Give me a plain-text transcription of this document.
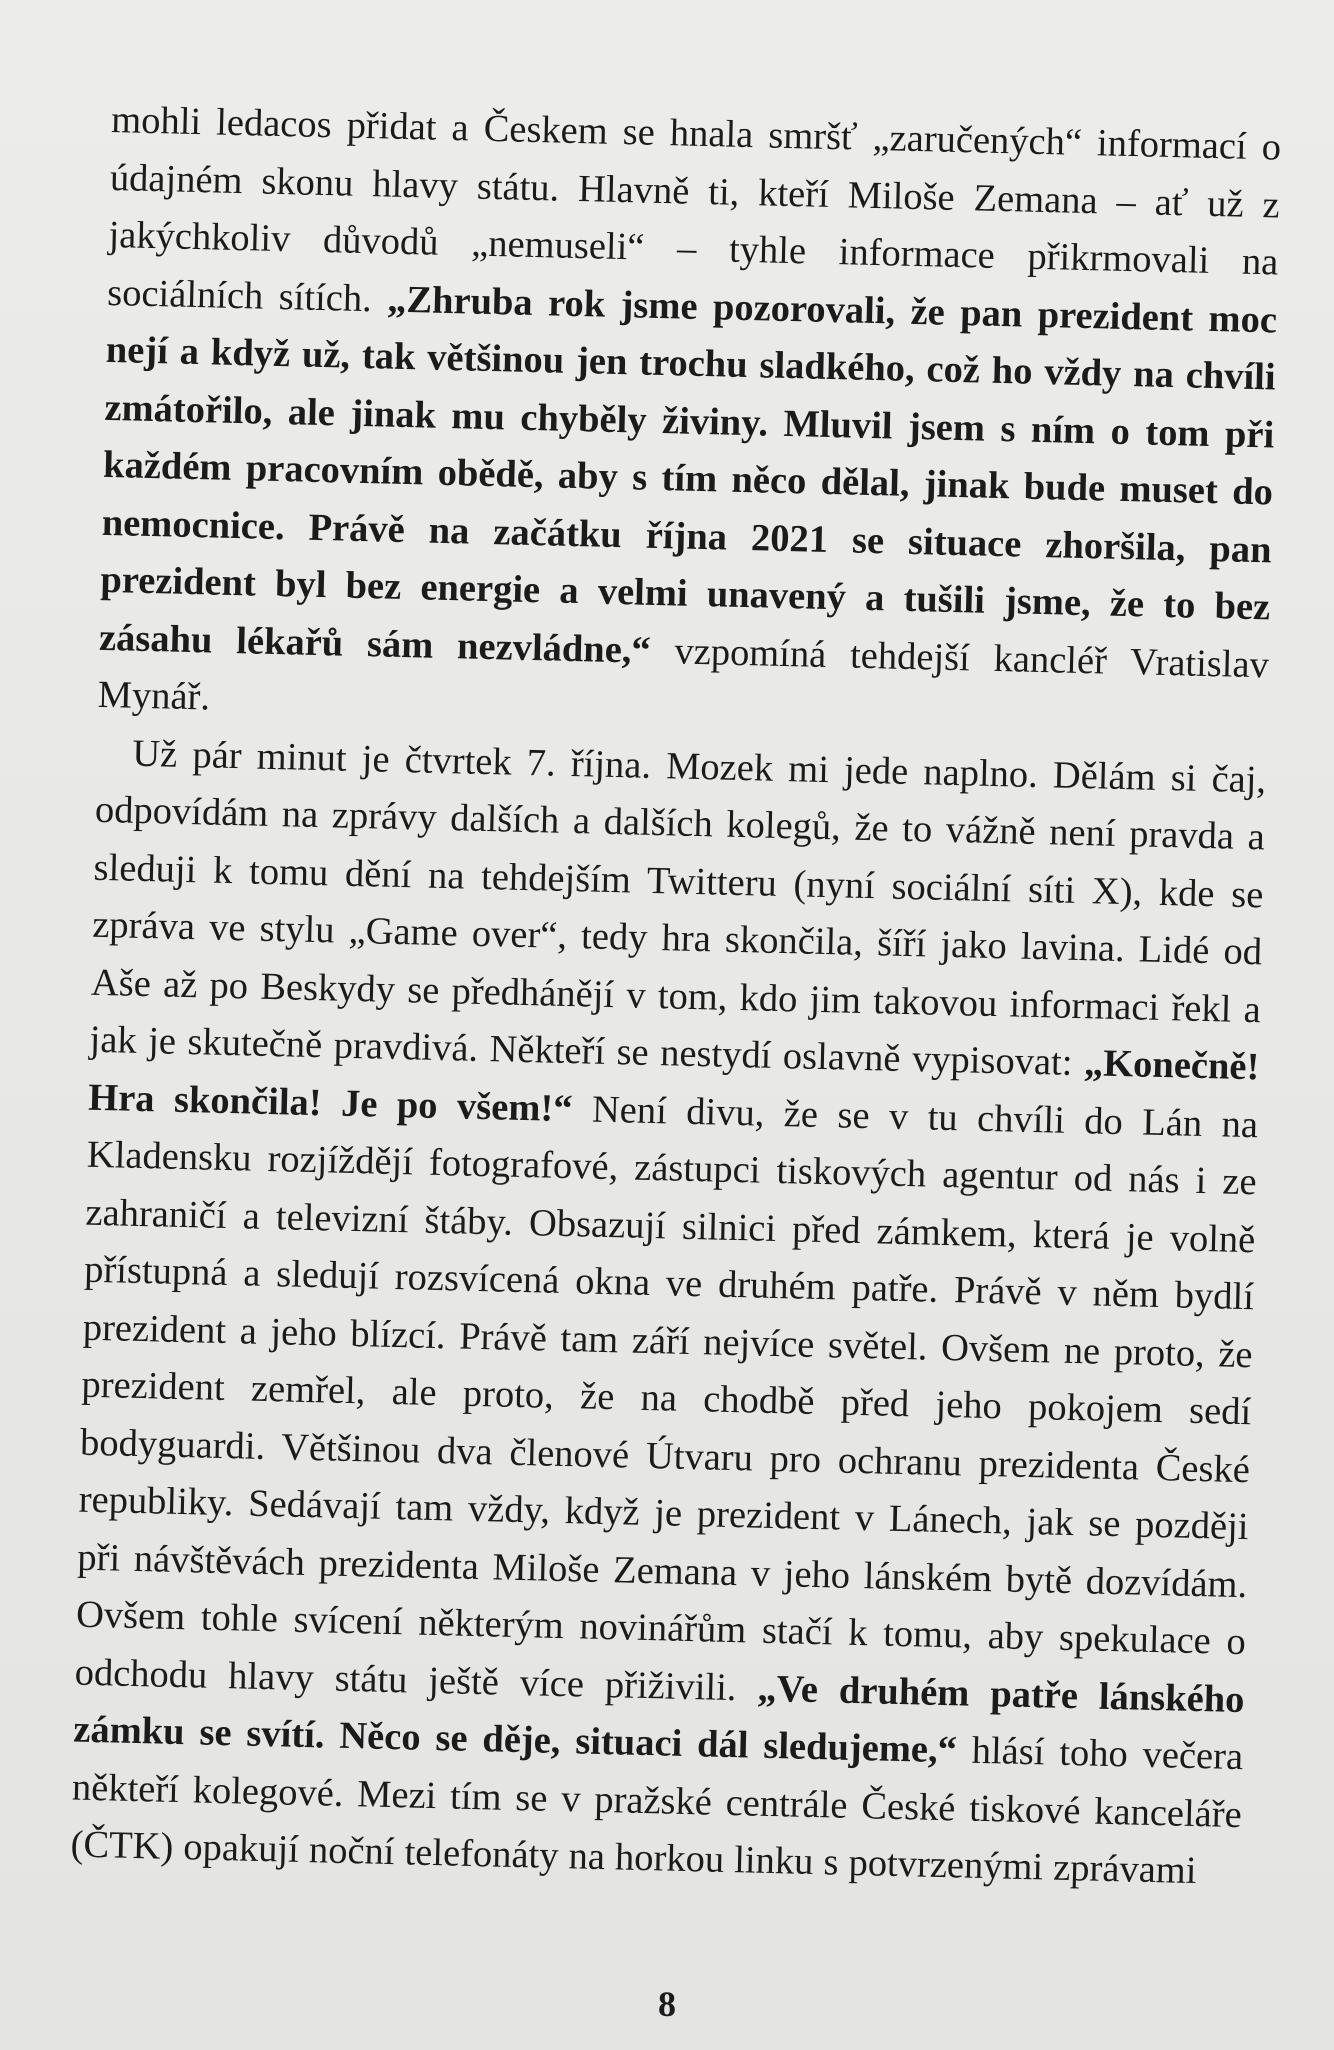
mohli ledacos přidat a Českem se hnala smršť „zaručených“ informací o údajném skonu hlavy státu. Hlavně ti, kteří Miloše Zemana – ať už z jakýchkoliv důvodů „nemuseli“ – tyhle informace přikrmovali na sociálních sítích. „Zhruba rok jsme pozorovali, že pan prezident moc nejí a když už, tak většinou jen trochu sladkého, což ho vždy na chvíli zmátořilo, ale jinak mu chyběly živiny. Mluvil jsem s ním o tom při každém pracovním obědě, aby s tím něco dělal, jinak bude muset do nemocnice. Právě na začátku října 2021 se situace zhoršila, pan prezident byl bez energie a velmi unavený a tušili jsme, že to bez zásahu lékařů sám nezvládne,“ vzpomíná tehdejší kancléř Vratislav Mynář.

Už pár minut je čtvrtek 7. října. Mozek mi jede naplno. Dělám si čaj, odpovídám na zprávy dalších a dalších kolegů, že to vážně není pravda a sleduji k tomu dění na tehdejším Twitteru (nyní sociální síti X), kde se zpráva ve stylu „Game over“, tedy hra skončila, šíří jako lavina. Lidé od Aše až po Beskydy se předhánějí v tom, kdo jim takovou informaci řekl a jak je skutečně pravdivá. Někteří se nestydí oslavně vypisovat: „Konečně! Hra skončila! Je po všem!“ Není divu, že se v tu chvíli do Lán na Kladensku rozjíždějí fotografové, zástupci tiskových agentur od nás i ze zahraničí a televizní štáby. Obsazují silnici před zámkem, která je volně přístupná a sledují rozsvícená okna ve druhém patře. Právě v něm bydlí prezident a jeho blízcí. Právě tam září nejvíce světel. Ovšem ne proto, že prezident zemřel, ale proto, že na chodbě před jeho pokojem sedí bodyguardi. Většinou dva členové Útvaru pro ochranu prezidenta České republiky. Sedávají tam vždy, když je prezident v Lánech, jak se později při návštěvách prezidenta Miloše Zemana v jeho lánském bytě dozvídám. Ovšem tohle svícení některým novinářům stačí k tomu, aby spekulace o odchodu hlavy státu ještě více přiživili. „Ve druhém patře lánského zámku se svítí. Něco se děje, situaci dál sledujeme,“ hlásí toho večera někteří kolegové. Mezi tím se v pražské centrále České tiskové kanceláře (ČTK) opakují noční telefonáty na horkou linku s potvrzenými zprávami

8
